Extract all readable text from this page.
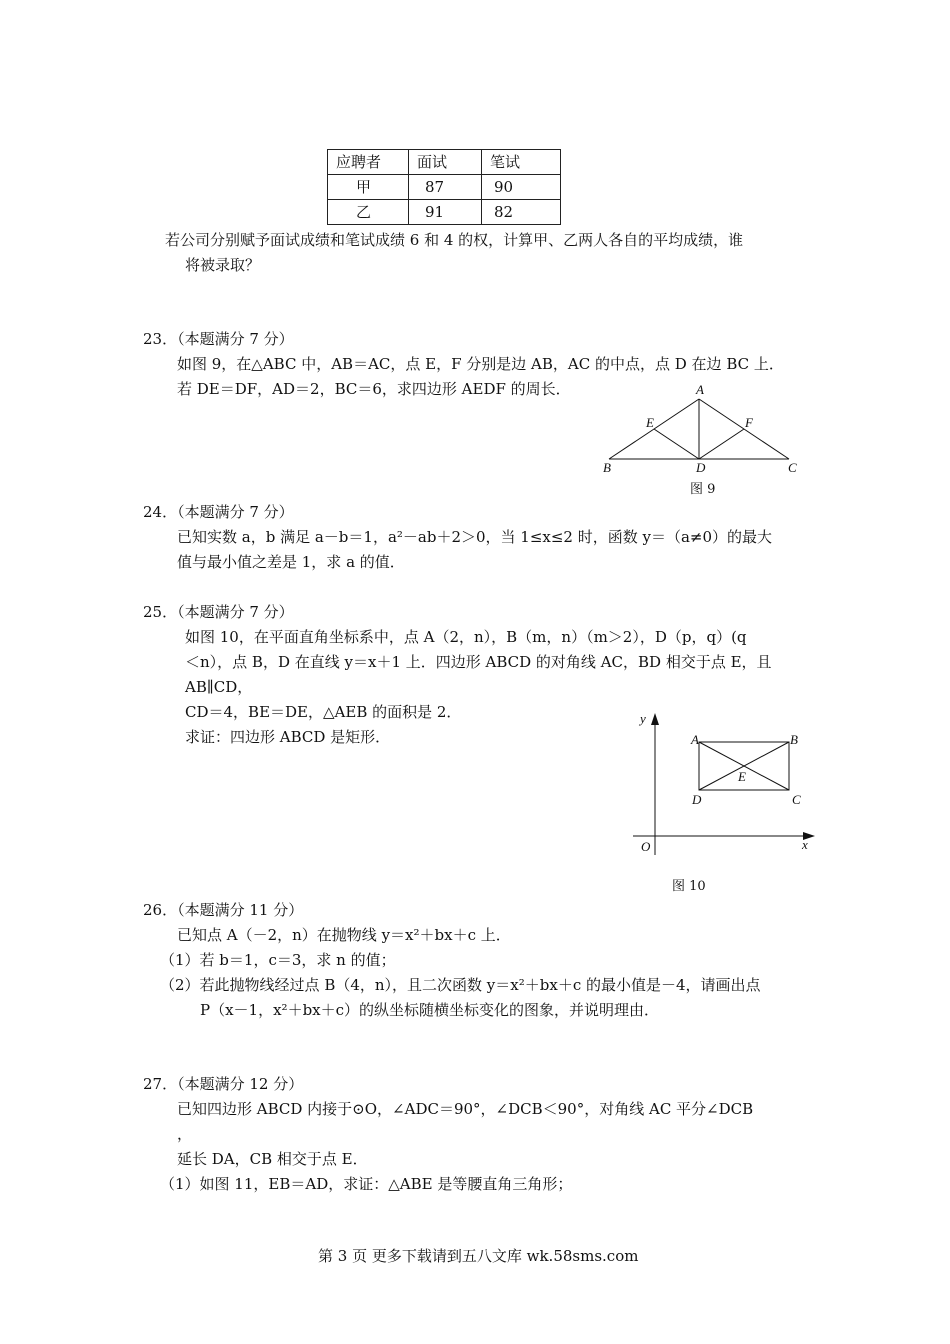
应聘者	面试	笔试
甲	87	90
乙	91	82
若公司分别赋予面试成绩和笔试成绩 6 和 4 的权，计算甲、乙两人各自的平均成绩，谁
将被录取？
23．（本题满分 7 分）
如图 9，在△ABC 中，AB＝AC，点 E，F 分别是边 AB，AC 的中点，点 D 在边 BC 上．
若 DE＝DF，AD＝2，BC＝6，求四边形 AEDF 的周长．	A
E	F
B	D	C
图 9
24．（本题满分 7 分）
已知实数 a，b 满足 a－b＝1，a²－ab＋2＞0，当 1≤x≤2 时，函数 y＝（a≠0）的最大
值与最小值之差是 1，求 a 的值．
25．（本题满分 7 分）
如图 10，在平面直角坐标系中，点 A（2，n），B（m，n）（m＞2），D（p，q）(q
＜n），点 B，D 在直线 y＝x＋1 上．四边形 ABCD 的对角线 AC，BD 相交于点 E，且
AB∥CD，
CD＝4，BE＝DE，△AEB 的面积是 2．
求证：四边形 ABCD 是矩形．
y
A	B
E
D	C
O	x
图 10
26．（本题满分 11 分）
已知点 A（－2，n）在抛物线 y＝x²＋bx＋c 上．
（1）若 b＝1，c＝3，求 n 的值；
（2）若此抛物线经过点 B（4，n），且二次函数 y＝x²＋bx＋c 的最小值是－4，请画出点
P（x－1，x²＋bx＋c）的纵坐标随横坐标变化的图象，并说明理由．
27．（本题满分 12 分）
已知四边形 ABCD 内接于⊙O，∠ADC＝90°，∠DCB＜90°，对角线 AC 平分∠DCB
，
延长 DA，CB 相交于点 E．
（1）如图 11，EB＝AD，求证：△ABE 是等腰直角三角形；
第 3 页 更多下载请到五八文库 wk.58sms.com
